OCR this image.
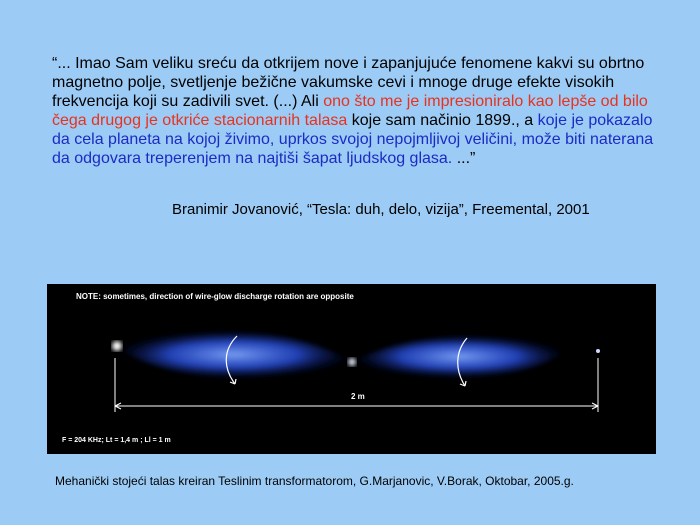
“... Imao Sam veliku sreću da otkrijem nove i zapanjujuće fenomene kakvi su obrtno magnetno polje, svetljenje bežične vakumske cevi i mnoge druge efekte visokih frekvencija koji su zadivili svet. (...) Ali ono što me je impresioniralo kao lepše od bilo čega drugog je otkriće stacionarnih talasa koje sam načinio 1899., a koje je pokazalo da cela planeta na kojoj živimo, uprkos svojoj nepojmljivoj veličini, može biti naterana da odgovara treperenjem na najtiši šapat ljudskog glasa. ...”
Branimir Jovanović, “Tesla: duh, delo, vizija”, Freemental, 2001
NOTE: sometimes, direction of wire-glow discharge rotation are opposite
2 m
F = 204 KHz; Lt = 1,4 m ; Ll = 1 m
Mehanički stojeći talas kreiran Teslinim transformatorom, G.Marjanovic, V.Borak, Oktobar, 2005.g.
